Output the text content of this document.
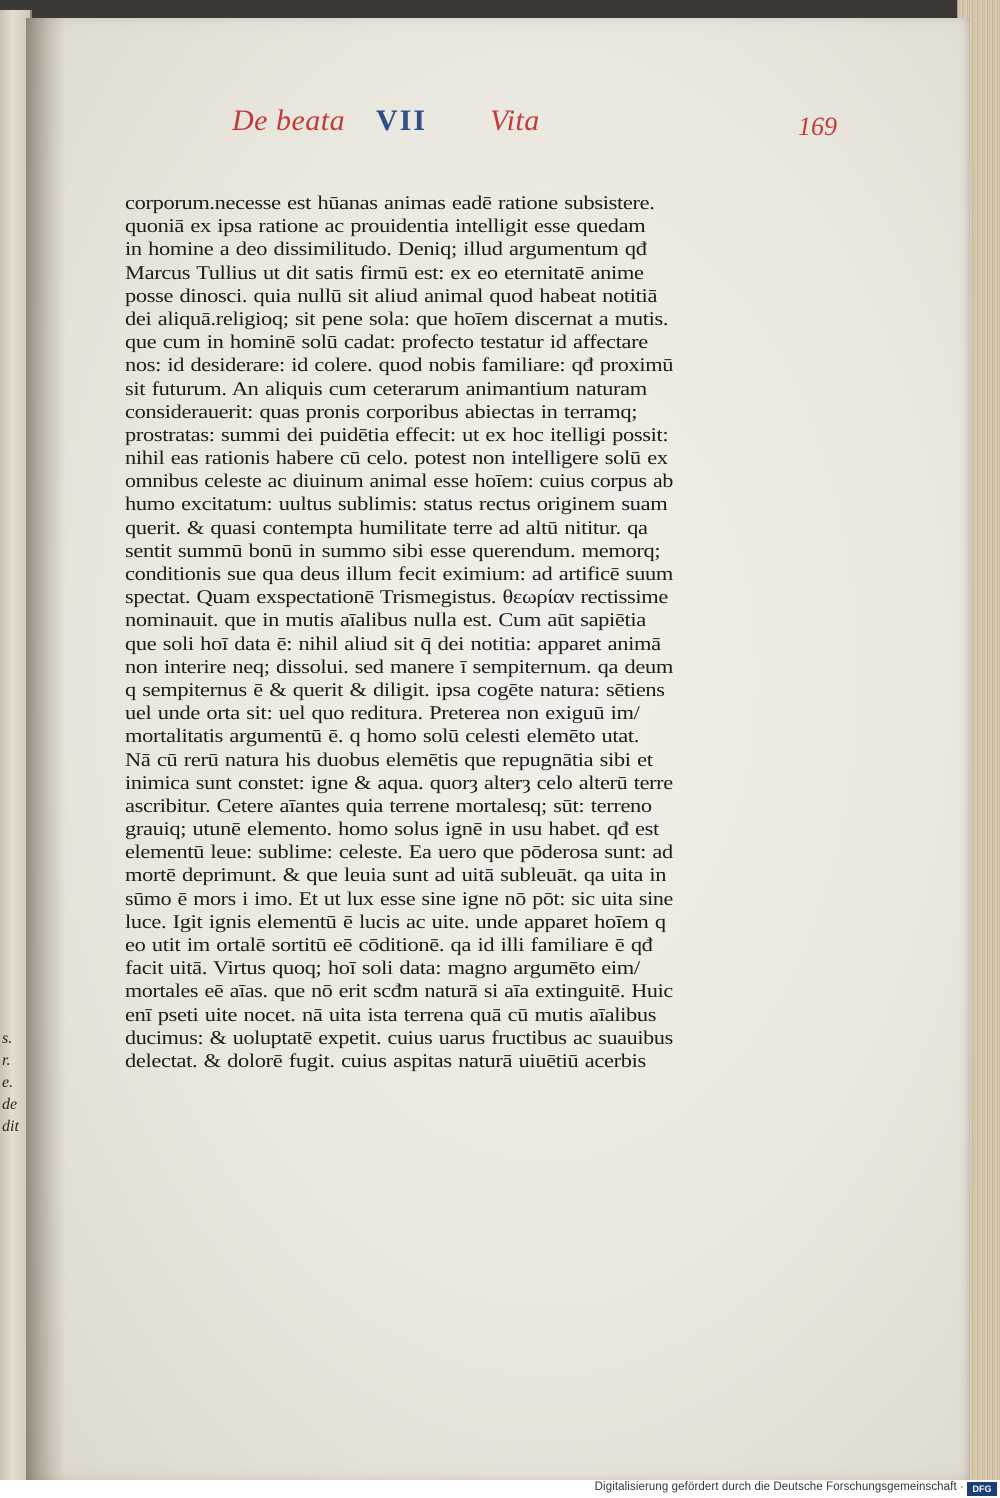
s.
r.
e.
de
dit
De beata VII Vita	169
corporum.necesse est hūanas animas eadē ratione subsistere.
quoniā ex ipsa ratione ac prouidentia intelligit esse quedam
in homine a deo dissimilitudo. Deniq; illud argumentum qđ
Marcus Tullius ut dit satis firmū est: ex eo eternitatē anime
posse dinosci. quia nullū sit aliud animal quod habeat notitiā
dei aliquā.religioq; sit pene sola: que hoīem discernat a mutis.
que cum in hominē solū cadat: profecto testatur id affectare
nos: id desiderare: id colere. quod nobis familiare: qđ proximū
sit futurum. An aliquis cum ceterarum animantium naturam
considerauerit: quas pronis corporibus abiectas in terramq;
prostratas: summi dei puidētia effecit: ut ex hoc itelligi possit:
nihil eas rationis habere cū celo. potest non intelligere solū ex
omnibus celeste ac diuinum animal esse hoīem: cuius corpus ab
humo excitatum: uultus sublimis: status rectus originem suam
querit. & quasi contempta humilitate terre ad altū nititur. qa
sentit summū bonū in summo sibi esse querendum. memorq;
conditionis sue qua deus illum fecit eximium: ad artificē suum
spectat. Quam exspectationē Trismegistus. θεωρίαν rectissime
nominauit. que in mutis aīalibus nulla est. Cum aūt sapiētia
que soli hoī data ē: nihil aliud sit q̄ dei notitia: apparet animā
non interire neq; dissolui. sed manere ī sempiternum. qa deum
q sempiternus ē & querit & diligit. ipsa cogēte natura: sētiens
uel unde orta sit: uel quo reditura. Preterea non exiguū im/
mortalitatis argumentū ē. q homo solū celesti elemēto utat.
Nā cū rerū natura his duobus elemētis que repugnātia sibi et
inimica sunt constet: igne & aqua. quorȝ alterȝ celo alterū terre
ascribitur. Cetere aīantes quia terrene mortalesq; sūt: terreno
grauiq; utunē elemento. homo solus ignē in usu habet. qđ est
elementū leue: sublime: celeste. Ea uero que pōderosa sunt: ad
mortē deprimunt. & que leuia sunt ad uitā subleuāt. qa uita in
sūmo ē mors i imo. Et ut lux esse sine igne nō pōt: sic uita sine
luce. Igit ignis elementū ē lucis ac uite. unde apparet hoīem q
eo utit im ortalē sortitū eē cōditionē. qa id illi familiare ē qđ
facit uitā. Virtus quoq; hoī soli data: magno argumēto eim/
mortales eē aīas. que nō erit scđm naturā si aīa extinguitē. Huic
enī pseti uite nocet. nā uita ista terrena quā cū mutis aīalibus
ducimus: & uoluptatē expetit. cuius uarus fructibus ac suauibus
delectat. & dolorē fugit. cuius aspitas naturā uiuētiū acerbis
Digitalisierung gefördert durch die Deutsche Forschungsgemeinschaft · DFG
